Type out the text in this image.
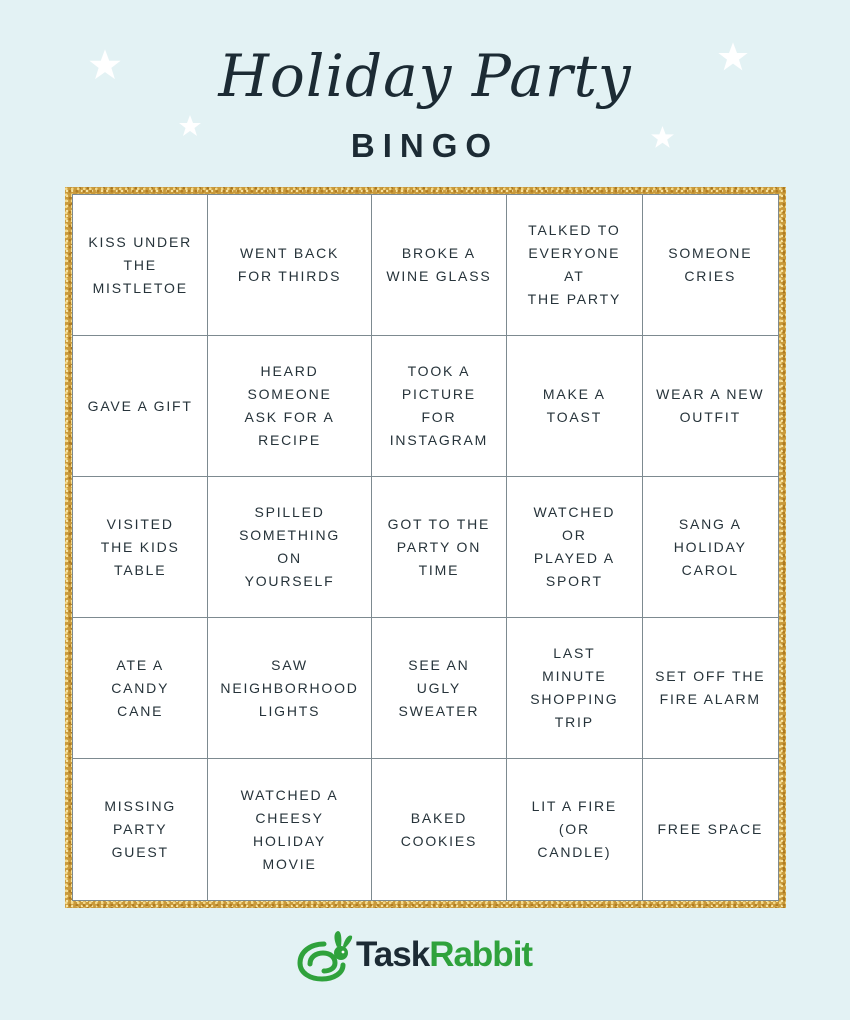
Holiday Party
BINGO
KISS UNDER
THE
MISTLETOE
WENT BACK
FOR THIRDS
BROKE A
WINE GLASS
TALKED TO
EVERYONE AT
THE PARTY
SOMEONE
CRIES
GAVE A GIFT
HEARD
SOMEONE
ASK FOR A
RECIPE
TOOK A
PICTURE FOR
INSTAGRAM
MAKE A
TOAST
WEAR A NEW
OUTFIT
VISITED
THE KIDS
TABLE
SPILLED
SOMETHING
ON
YOURSELF
GOT TO THE
PARTY ON
TIME
WATCHED OR
PLAYED A
SPORT
SANG A
HOLIDAY
CAROL
ATE A CANDY
CANE
SAW
NEIGHBORHOOD
LIGHTS
SEE AN UGLY
SWEATER
LAST MINUTE
SHOPPING TRIP
SET OFF THE
FIRE ALARM
MISSING
PARTY GUEST
WATCHED A
CHEESY
HOLIDAY
MOVIE
BAKED
COOKIES
LIT A FIRE
(OR CANDLE)
FREE SPACE
TaskRabbit
